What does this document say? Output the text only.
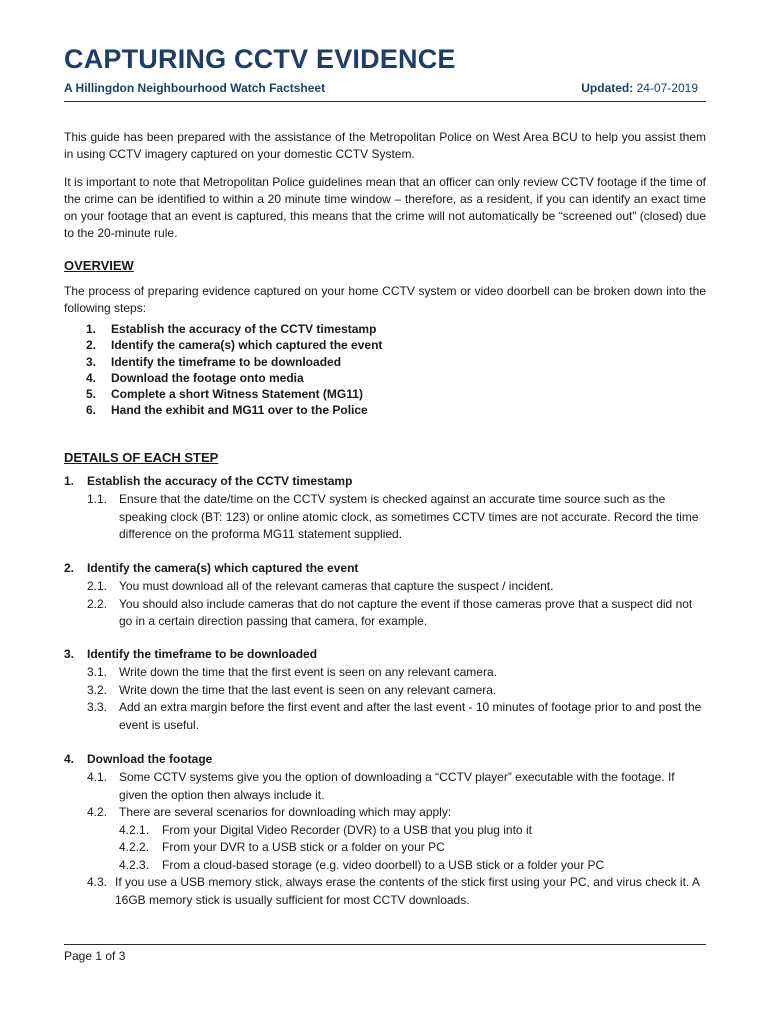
CAPTURING CCTV EVIDENCE
A Hillingdon Neighbourhood Watch Factsheet	Updated: 24-07-2019

This guide has been prepared with the assistance of the Metropolitan Police on West Area BCU to help you assist them in using CCTV imagery captured on your domestic CCTV System.

It is important to note that Metropolitan Police guidelines mean that an officer can only review CCTV footage if the time of the crime can be identified to within a 20 minute time window – therefore, as a resident, if you can identify an exact time on your footage that an event is captured, this means that the crime will not automatically be “screened out” (closed) due to the 20-minute rule.

OVERVIEW

The process of preparing evidence captured on your home CCTV system or video doorbell can be broken down into the following steps:

1. Establish the accuracy of the CCTV timestamp
2. Identify the camera(s) which captured the event
3. Identify the timeframe to be downloaded
4. Download the footage onto media
5. Complete a short Witness Statement (MG11)
6. Hand the exhibit and MG11 over to the Police
DETAILS OF EACH STEP
1. Establish the accuracy of the CCTV timestamp
1.1. Ensure that the date/time on the CCTV system is checked against an accurate time source such as the speaking clock (BT: 123) or online atomic clock, as sometimes CCTV times are not accurate. Record the time difference on the proforma MG11 statement supplied.
2. Identify the camera(s) which captured the event
2.1. You must download all of the relevant cameras that capture the suspect / incident.
2.2. You should also include cameras that do not capture the event if those cameras prove that a suspect did not go in a certain direction passing that camera, for example.
3. Identify the timeframe to be downloaded
3.1. Write down the time that the first event is seen on any relevant camera.
3.2. Write down the time that the last event is seen on any relevant camera.
3.3. Add an extra margin before the first event and after the last event - 10 minutes of footage prior to and post the event is useful.
4. Download the footage
4.1. Some CCTV systems give you the option of downloading a “CCTV player” executable with the footage. If given the option then always include it.
4.2. There are several scenarios for downloading which may apply:
4.2.1. From your Digital Video Recorder (DVR) to a USB that you plug into it
4.2.2. From your DVR to a USB stick or a folder on your PC
4.2.3. From a cloud-based storage (e.g. video doorbell) to a USB stick or a folder your PC
4.3. If you use a USB memory stick, always erase the contents of the stick first using your PC, and virus check it. A 16GB memory stick is usually sufficient for most CCTV downloads.
Page 1 of 3
